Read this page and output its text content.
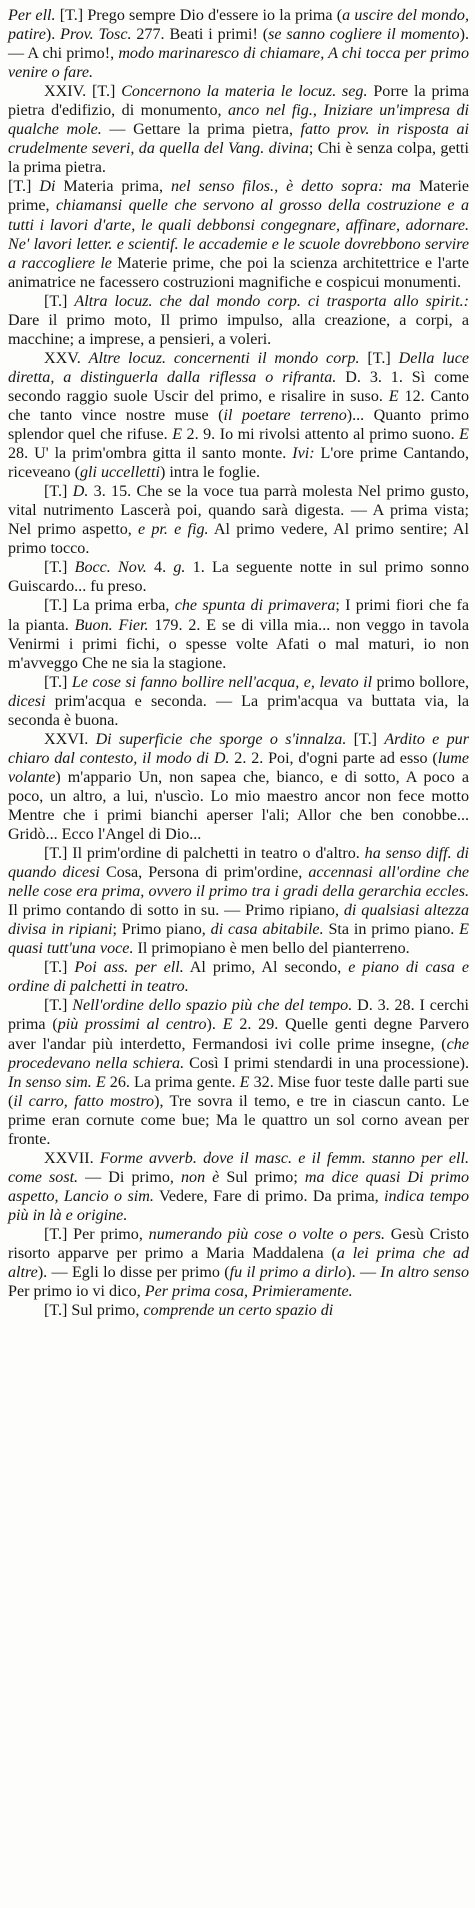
Per ell. [T.] Prego sempre Dio d'essere io la prima (a uscire del mondo, patire). Prov. Tosc. 277. Beati i primi! (se sanno cogliere il momento). — A chi primo!, modo marinaresco di chiamare, A chi tocca per primo venire o fare.

XXIV. [T.] Concernono la materia le locuz. seg. Porre la prima pietra d'edifizio, di monumento, anco nel fig., Iniziare un'impresa di qualche mole. — Gettare la prima pietra, fatto prov. in risposta ai crudelmente severi, da quella del Vang. divina; Chi è senza colpa, getti la prima pietra.

[T.] Di Materia prima, nel senso filos., è detto sopra: ma Materie prime, chiamansi quelle che servono al grosso della costruzione e a tutti i lavori d'arte, le quali debbonsi congegnare, affinare, adornare. Ne' lavori letter. e scientif. le accademie e le scuole dovrebbono servire a raccogliere le Materie prime, che poi la scienza architettrice e l'arte animatrice ne facessero costruzioni magnifiche e cospicui monumenti.

[T.] Altra locuz. che dal mondo corp. ci trasporta allo spirit.: Dare il primo moto, Il primo impulso, alla creazione, a corpi, a macchine; a imprese, a pensieri, a voleri.

XXV. Altre locuz. concernenti il mondo corp. [T.] Della luce diretta, a distinguerla dalla riflessa o rifranta. D. 3. 1. Sì come secondo raggio suole Uscir del primo, e risalire in suso. E 12. Canto che tanto vince nostre muse (il poetare terreno)... Quanto primo splendor quel che rifuse. E 2. 9. Io mi rivolsi attento al primo suono. E 28. U' la prim'ombra gitta il santo monte. Ivi: L'ore prime Cantando, riceveano (gli uccelletti) intra le foglie.

[T.] D. 3. 15. Che se la voce tua parrà molesta Nel primo gusto, vital nutrimento Lascerà poi, quando sarà digesta. — A prima vista; Nel primo aspetto, e pr. e fig. Al primo vedere, Al primo sentire; Al primo tocco.

[T.] Bocc. Nov. 4. g. 1. La seguente notte in sul primo sonno Guiscardo... fu preso.

[T.] La prima erba, che spunta di primavera; I primi fiori che fa la pianta. Buon. Fier. 179. 2. E se di villa mia... non veggo in tavola Venirmi i primi fichi, o spesse volte Afati o mal maturi, io non m'avveggo Che ne sia la stagione.

[T.] Le cose si fanno bollire nell'acqua, e, levato il primo bollore, dicesi prim'acqua e seconda. — La prim'acqua va buttata via, la seconda è buona.

XXVI. Di superficie che sporge o s'innalza. [T.] Ardito e pur chiaro dal contesto, il modo di D. 2. 2. Poi, d'ogni parte ad esso (lume volante) m'appario Un, non sapea che, bianco, e di sotto, A poco a poco, un altro, a lui, n'uscìo. Lo mio maestro ancor non fece motto Mentre che i primi bianchi aperser l'ali; Allor che ben conobbe... Gridò... Ecco l'Angel di Dio...

[T.] Il prim'ordine di palchetti in teatro o d'altro. ha senso diff. di quando dicesi Cosa, Persona di prim'ordine, accennasi all'ordine che nelle cose era prima, ovvero il primo tra i gradi della gerarchia eccles. Il primo contando di sotto in su. — Primo ripiano, di qualsiasi altezza divisa in ripiani; Primo piano, di casa abitabile. Sta in primo piano. E quasi tutt'una voce. Il primopiano è men bello del pianterreno.

[T.] Poi ass. per ell. Al primo, Al secondo, e piano di casa e ordine di palchetti in teatro.

[T.] Nell'ordine dello spazio più che del tempo. D. 3. 28. I cerchi prima (più prossimi al centro). E 2. 29. Quelle genti degne Parvero aver l'andar più interdetto, Fermandosi ivi colle prime insegne, (che procedevano nella schiera. Così I primi stendardi in una processione). In senso sim. E 26. La prima gente. E 32. Mise fuor teste dalle parti sue (il carro, fatto mostro), Tre sovra il temo, e tre in ciascun canto. Le prime eran cornute come bue; Ma le quattro un sol corno avean per fronte.

XXVII. Forme avverb. dove il masc. e il femm. stanno per ell. come sost. — Di primo, non è Sul primo; ma dice quasi Di primo aspetto, Lancio o sim. Vedere, Fare di primo. Da prima, indica tempo più in là e origine.

[T.] Per primo, numerando più cose o volte o pers. Gesù Cristo risorto apparve per primo a Maria Maddalena (a lei prima che ad altre). — Egli lo disse per primo (fu il primo a dirlo). — In altro senso Per primo io vi dico, Per prima cosa, Primieramente.

[T.] Sul primo, comprende un certo spazio di
